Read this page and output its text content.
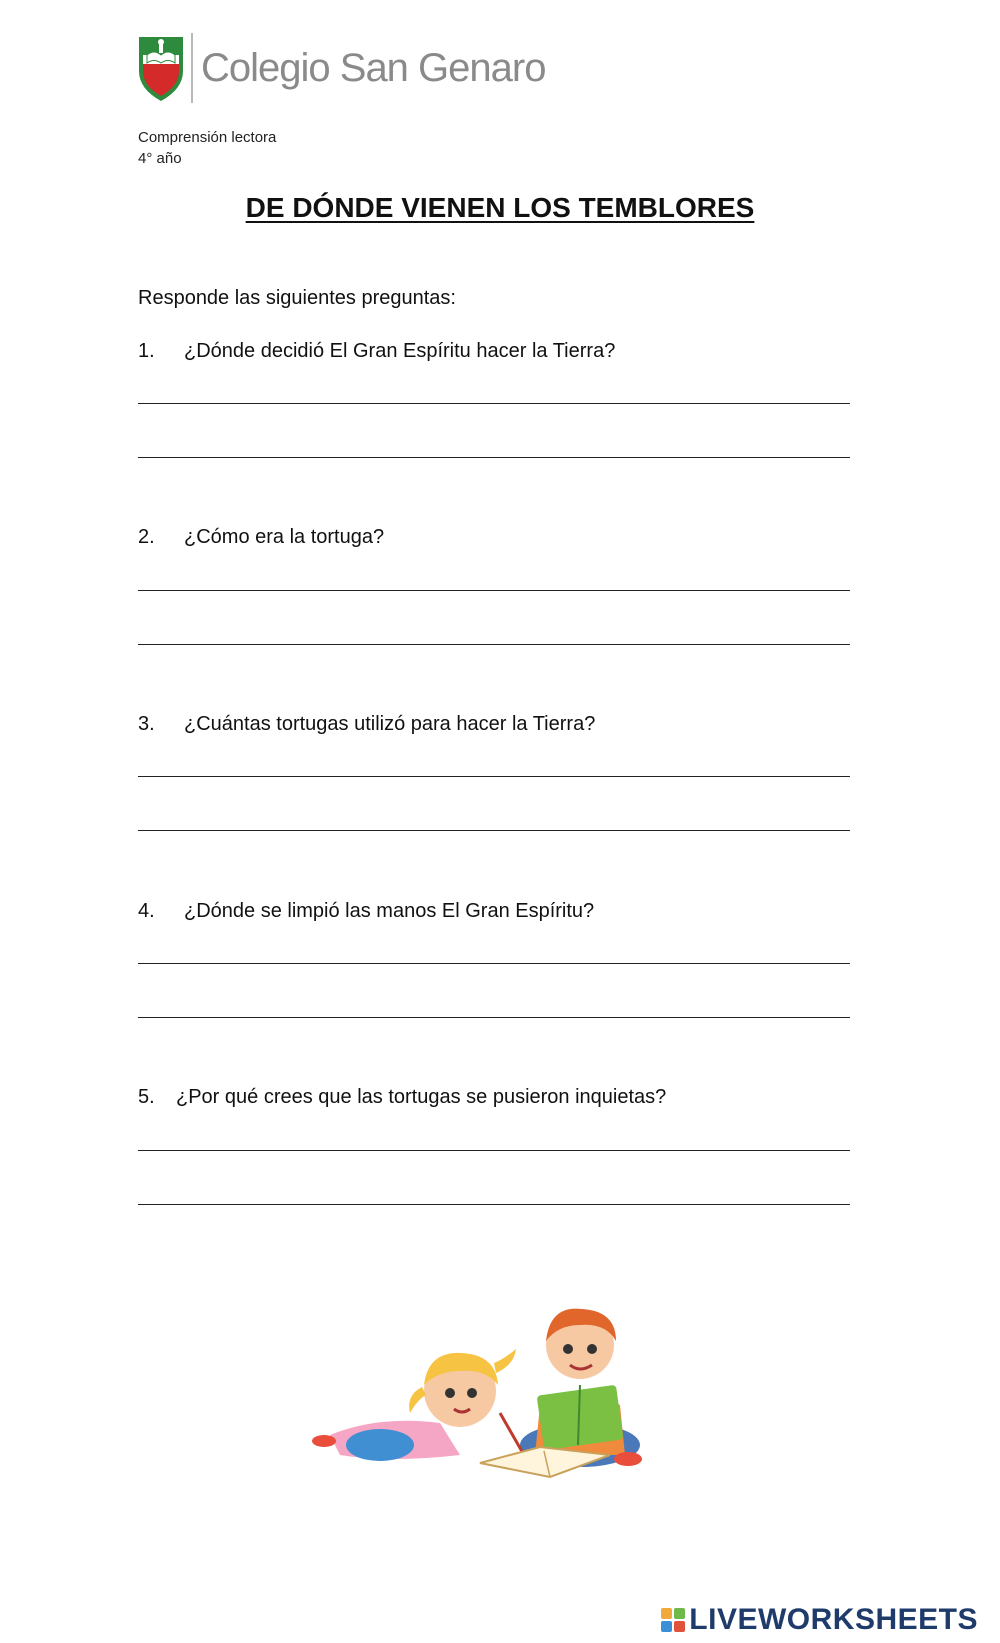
Colegio San Genaro
Comprensión lectora
4° año
DE DÓNDE VIENEN LOS TEMBLORES
Responde las siguientes preguntas:
1.	¿Dónde decidió El Gran Espíritu hacer la Tierra?
2.	¿Cómo era la tortuga?
3.	¿Cuántas tortugas utilizó para hacer la Tierra?
4.	¿Dónde se limpió las manos El Gran Espíritu?
5.	¿Por qué crees que las tortugas se pusieron inquietas?
LIVEWORKSHEETS
